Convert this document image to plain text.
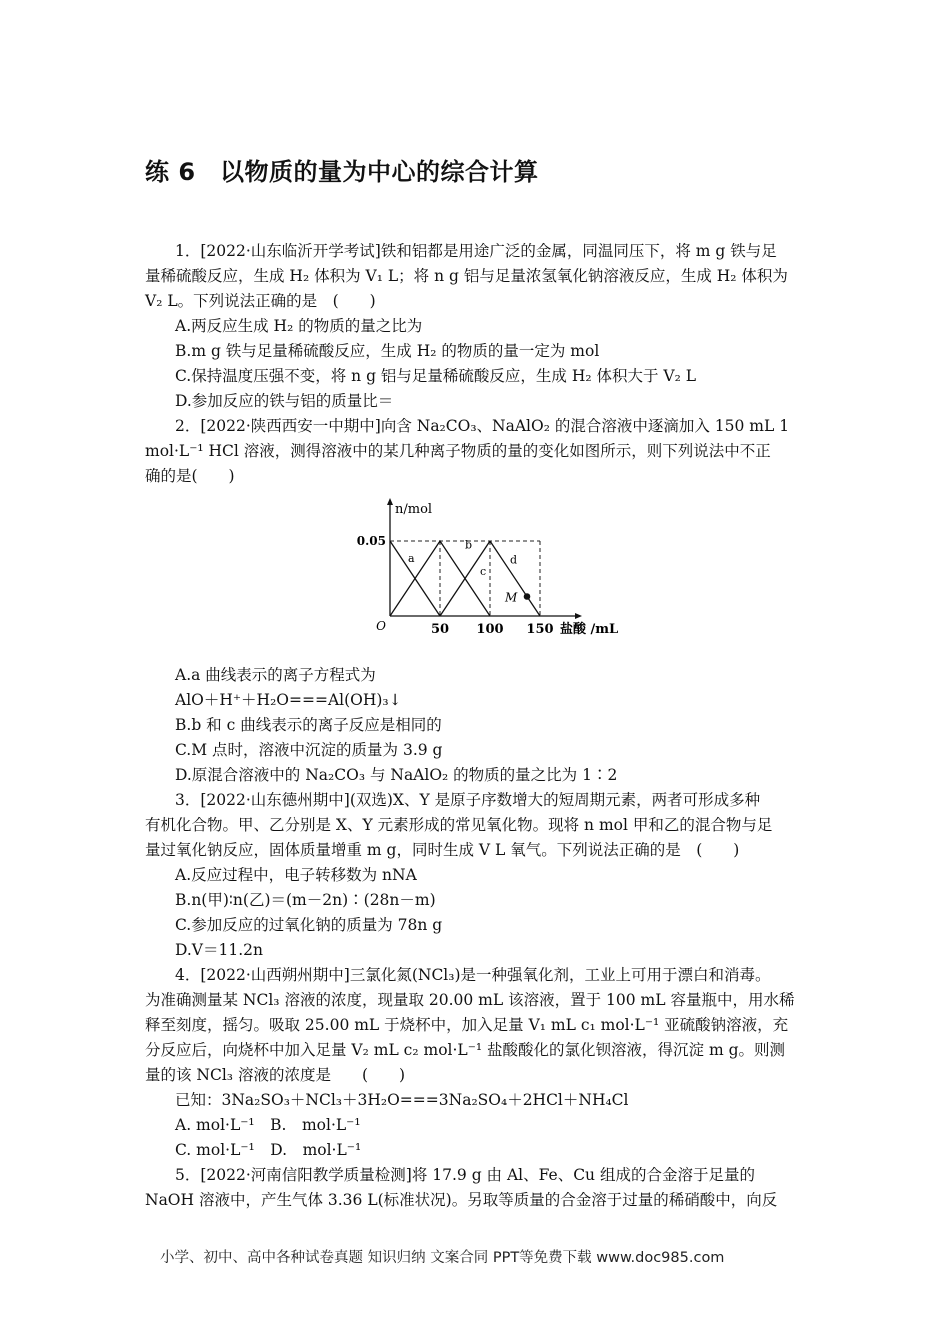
练 6　以物质的量为中心的综合计算
1．[2022·山东临沂开学考试]铁和铝都是用途广泛的金属，同温同压下，将 m g 铁与足
量稀硫酸反应，生成 H₂ 体积为 V₁ L；将 n g 铝与足量浓氢氧化钠溶液反应，生成 H₂ 体积为
V₂ L。下列说法正确的是　(　　)
A.两反应生成 H₂ 的物质的量之比为
B.m g 铁与足量稀硫酸反应，生成 H₂ 的物质的量一定为 mol
C.保持温度压强不变，将 n g 铝与足量稀硫酸反应，生成 H₂ 体积大于 V₂ L
D.参加反应的铁与铝的质量比＝
2．[2022·陕西西安一中期中]向含 Na₂CO₃、NaAlO₂ 的混合溶液中逐滴加入 150 mL 1
mol·L⁻¹ HCl 溶液，测得溶液中的某几种离子物质的量的变化如图所示，则下列说法中不正
确的是(　　)
50 100 150
a
b
c
d
M
O
0.05
n/mol
盐酸 /mL
A.a 曲线表示的离子方程式为
AlO＋H⁺＋H₂O===Al(OH)₃↓
B.b 和 c 曲线表示的离子反应是相同的
C.M 点时，溶液中沉淀的质量为 3.9 g
D.原混合溶液中的 Na₂CO₃ 与 NaAlO₂ 的物质的量之比为 1∶2
3．[2022·山东德州期中](双选)X、Y 是原子序数增大的短周期元素，两者可形成多种
有机化合物。甲、乙分别是 X、Y 元素形成的常见氧化物。现将 n mol 甲和乙的混合物与足
量过氧化钠反应，固体质量增重 m g，同时生成 V L 氧气。下列说法正确的是　(　　)
A.反应过程中，电子转移数为 nNA
B.n(甲)∶n(乙)＝(m－2n)∶(28n－m)
C.参加反应的过氧化钠的质量为 78n g
D.V＝11.2n
4．[2022·山西朔州期中]三氯化氮(NCl₃)是一种强氧化剂，工业上可用于漂白和消毒。
为准确测量某 NCl₃ 溶液的浓度，现量取 20.00 mL 该溶液，置于 100 mL 容量瓶中，用水稀
释至刻度，摇匀。吸取 25.00 mL 于烧杯中，加入足量 V₁ mL c₁ mol·L⁻¹ 亚硫酸钠溶液，充
分反应后，向烧杯中加入足量 V₂ mL c₂ mol·L⁻¹ 盐酸酸化的氯化钡溶液，得沉淀 m g。则测
量的该 NCl₃ 溶液的浓度是　　(　　)
已知：3Na₂SO₃＋NCl₃＋3H₂O===3Na₂SO₄＋2HCl＋NH₄Cl
A. mol·L⁻¹　B.　mol·L⁻¹
C. mol·L⁻¹　D.　mol·L⁻¹
5．[2022·河南信阳教学质量检测]将 17.9 g 由 Al、Fe、Cu 组成的合金溶于足量的
NaOH 溶液中，产生气体 3.36 L(标准状况)。另取等质量的合金溶于过量的稀硝酸中，向反
小学、初中、高中各种试卷真题 知识归纳 文案合同 PPT等免费下载 www.doc985.com
